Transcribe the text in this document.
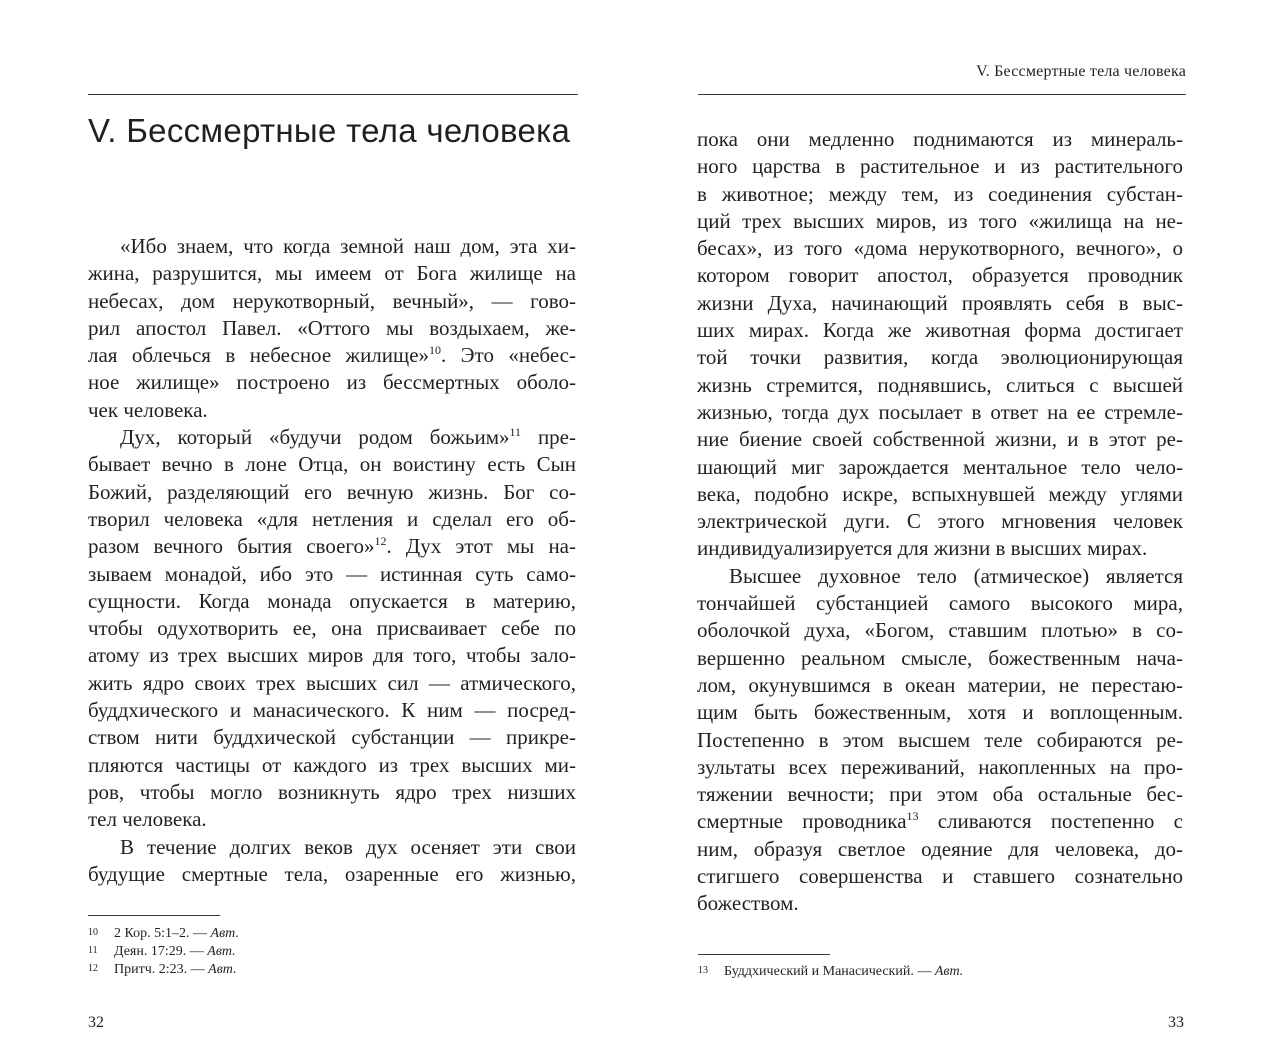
V. Бессмертные тела человека
«Ибо знаем, что когда земной наш дом, эта хи-
жина, разрушится, мы имеем от Бога жилище на
небесах, дом нерукотворный, вечный», — гово-
рил апостол Павел. «Оттого мы воздыхаем, же-
лая облечься в небесное жилище»$^{10}$. Это «небес-
ное жилище» построено из бессмертных оболо-
чек человека.
Дух, который «будучи родом божьим»$^{11}$ пре-
бывает вечно в лоне Отца, он воистину есть Сын
Божий, разделяющий его вечную жизнь. Бог со-
творил человека «для нетления и сделал его об-
разом вечного бытия своего»$^{12}$. Дух этот мы на-
зываем монадой, ибо это — истинная суть само-
сущности. Когда монада опускается в материю,
чтобы одухотворить ее, она присваивает себе по
атому из трех высших миров для того, чтобы зало-
жить ядро своих трех высших сил — атмического,
буддхического и манасического. К ним — посред-
ством нити буддхической субстанции — прикре-
пляются частицы от каждого из трех высших ми-
ров, чтобы могло возникнуть ядро трех низших
тел человека.
В течение долгих веков дух осеняет эти свои
будущие смертные тела, озаренные его жизнью,
10 2 Кор. 5:1–2. — Авт.
11 Деян. 17:29. — Авт.
12 Притч. 2:23. — Авт.
32
V. Бессмертные тела человека
пока они медленно поднимаются из минераль-
ного царства в растительное и из растительного
в животное; между тем, из соединения субстан-
ций трех высших миров, из того «жилища на не-
бесах», из того «дома нерукотворного, вечного», о
котором говорит апостол, образуется проводник
жизни Духа, начинающий проявлять себя в выс-
ших мирах. Когда же животная форма достигает
той точки развития, когда эволюционирующая
жизнь стремится, поднявшись, слиться с высшей
жизнью, тогда дух посылает в ответ на ее стремле-
ние биение своей собственной жизни, и в этот ре-
шающий миг зарождается ментальное тело чело-
века, подобно искре, вспыхнувшей между углями
электрической дуги. С этого мгновения человек
индивидуализируется для жизни в высших мирах.
Высшее духовное тело (атмическое) является
тончайшей субстанцией самого высокого мира,
оболочкой духа, «Богом, ставшим плотью» в со-
вершенно реальном смысле, божественным нача-
лом, окунувшимся в океан материи, не перестаю-
щим быть божественным, хотя и воплощенным.
Постепенно в этом высшем теле собираются ре-
зультаты всех переживаний, накопленных на про-
тяжении вечности; при этом оба остальные бес-
смертные проводника$^{13}$ сливаются постепенно с
ним, образуя светлое одеяние для человека, до-
стигшего совершенства и ставшего сознательно
божеством.
13 Буддхический и Манасический. — Авт.
33
